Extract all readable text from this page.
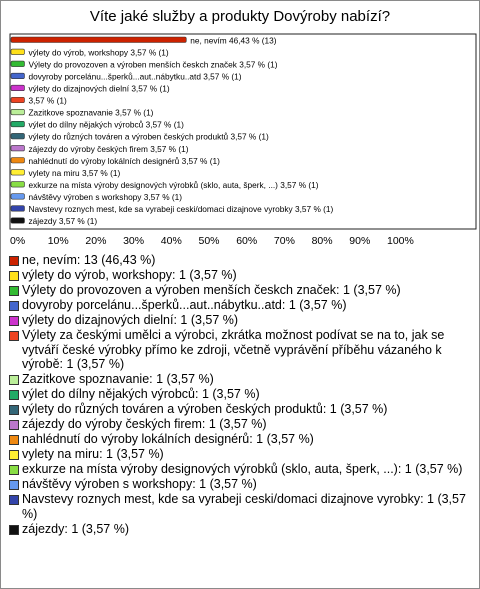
Víte jaké služby a produkty Dovýroby nabízí?
ne, nevím 46,43 % (13)
výlety do výrob, workshopy 3,57 % (1)
Výlety do provozoven a výroben menších českch značek 3,57 % (1)
dovyroby porcelánu...šperků...aut..nábytku..atd 3,57 % (1)
výlety do dizajnových dielní 3,57 % (1)
3,57 % (1)
Zazitkove spoznavanie 3,57 % (1)
výlet do dílny nějakých výrobců 3,57 % (1)
výlety do různých továren a výroben českých produktů 3,57 % (1)
zájezdy do výroby českých firem 3,57 % (1)
nahlédnutí do výroby lokálních designérů 3,57 % (1)
vylety na miru 3,57 % (1)
exkurze na místa výroby designových výrobků (sklo, auta, šperk, ...) 3,57 % (1)
návštěvy výroben s workshopy 3,57 % (1)
Navstevy roznych mest, kde sa vyrabeji ceski/domaci dizajnove vyrobky 3,57 % (1)
zájezdy 3,57 % (1)
0% 10% 20% 30% 40% 50% 60% 70% 80% 90% 100%
ne, nevím: 13 (46,43 %)
výlety do výrob, workshopy: 1 (3,57 %)
Výlety do provozoven a výroben menších českch značek: 1 (3,57 %)
dovyroby porcelánu...šperků...aut..nábytku..atd: 1 (3,57 %)
výlety do dizajnových dielní: 1 (3,57 %)
Výlety za českými umělci a výrobci, zkrátka možnost podívat se na to, jak se vytváří české výrobky přímo ke zdroji, včetně vyprávění příběhu vázaného k výrobě: 1 (3,57 %)
Zazitkove spoznavanie: 1 (3,57 %)
výlet do dílny nějakých výrobců: 1 (3,57 %)
výlety do různých továren a výroben českých produktů: 1 (3,57 %)
zájezdy do výroby českých firem: 1 (3,57 %)
nahlédnutí do výroby lokálních designérů: 1 (3,57 %)
vylety na miru: 1 (3,57 %)
exkurze na místa výroby designových výrobků (sklo, auta, šperk, ...): 1 (3,57 %)
návštěvy výroben s workshopy: 1 (3,57 %)
Navstevy roznych mest, kde sa vyrabeji ceski/domaci dizajnove vyrobky: 1 (3,57 %)
zájezdy: 1 (3,57 %)
